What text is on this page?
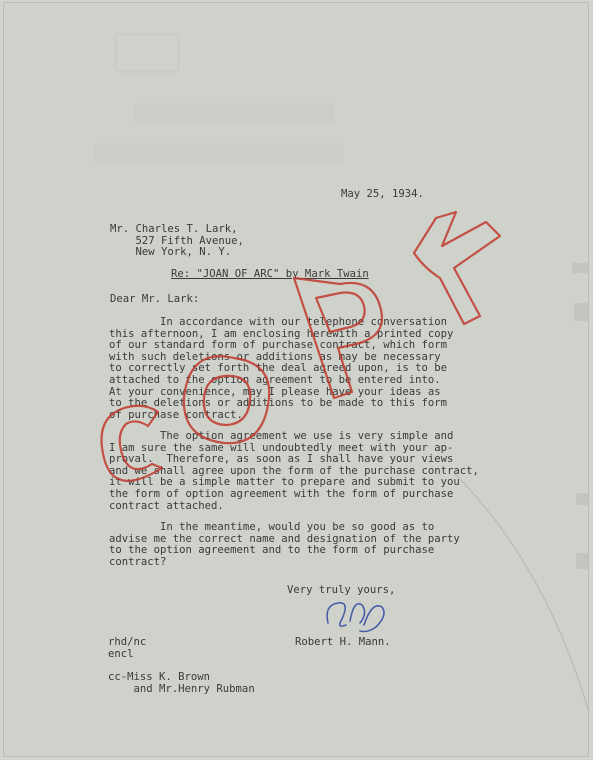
May 25, 1934.
Mr. Charles T. Lark,
527 Fifth Avenue,
New York, N. Y.
Re: "JOAN OF ARC" by Mark Twain
Dear Mr. Lark:
In accordance with our telephone conversation
this afternoon, I am enclosing herewith a printed copy
of our standard form of purchase contract, which form
with such deletions or additions as may be necessary
to correctly set forth the deal agreed upon, is to be
attached to the option agreement to be entered into.
At your convenience, may I please have your ideas as
to the deletions or additions to be made to this form
of purchase contract.
The option agreement we use is very simple and
I am sure the same will undoubtedly meet with your ap-
proval.  Therefore, as soon as I shall have your views
and we shall agree upon the form of the purchase contract,
it will be a simple matter to prepare and submit to you
the form of option agreement with the form of purchase
contract attached.
In the meantime, would you be so good as to
advise me the correct name and designation of the party
to the option agreement and to the form of purchase
contract?
Very truly yours,
Robert H. Mann.
rhd/nc
encl
cc-Miss K. Brown
and Mr.Henry Rubman
